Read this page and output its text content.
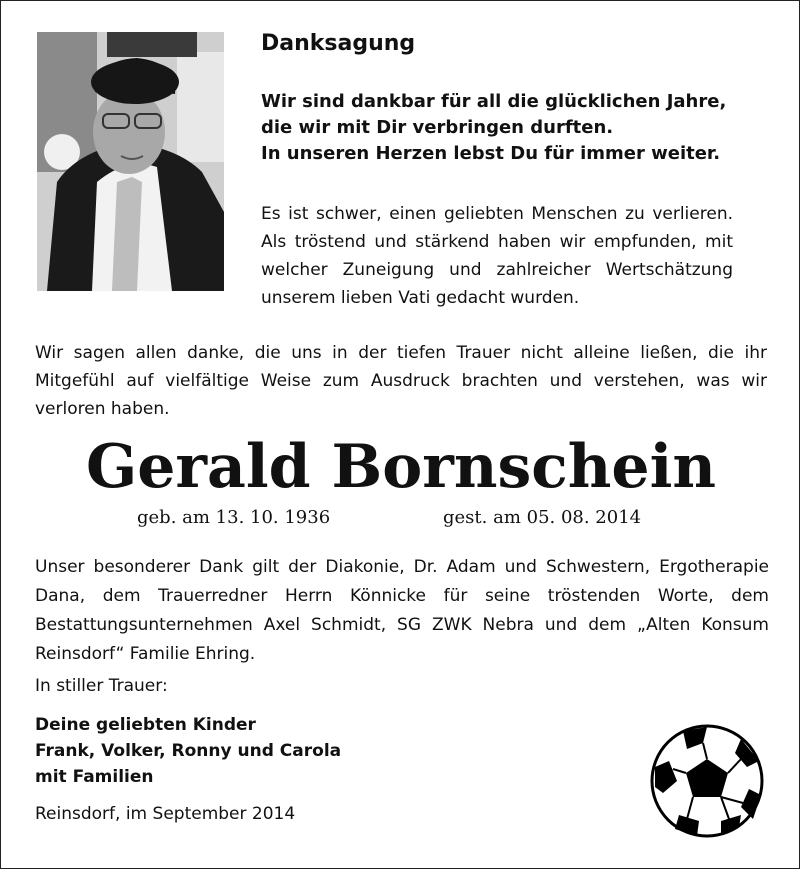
Danksagung

Wir sind dankbar für all die glücklichen Jahre,
die wir mit Dir verbringen durften.
In unseren Herzen lebst Du für immer weiter.

Es ist schwer, einen geliebten Menschen zu verlieren. Als tröstend und stärkend haben wir empfunden, mit welcher Zuneigung und zahlreicher Wertschätzung unserem lieben Vati gedacht wurden.

Wir sagen allen danke, die uns in der tiefen Trauer nicht alleine ließen, die ihr Mitgefühl auf vielfältige Weise zum Ausdruck brachten und verstehen, was wir verloren haben.

Gerald Bornschein

geb. am 13. 10. 1936	gest. am 05. 08. 2014

Unser besonderer Dank gilt der Diakonie, Dr. Adam und Schwestern, Ergotherapie Dana, dem Trauerredner Herrn Könnicke für seine tröstenden Worte, dem Bestattungsunternehmen Axel Schmidt, SG ZWK Nebra und dem „Alten Konsum Reinsdorf“ Familie Ehring.

In stiller Trauer:

Deine geliebten Kinder
Frank, Volker, Ronny und Carola
mit Familien

Reinsdorf, im September 2014
